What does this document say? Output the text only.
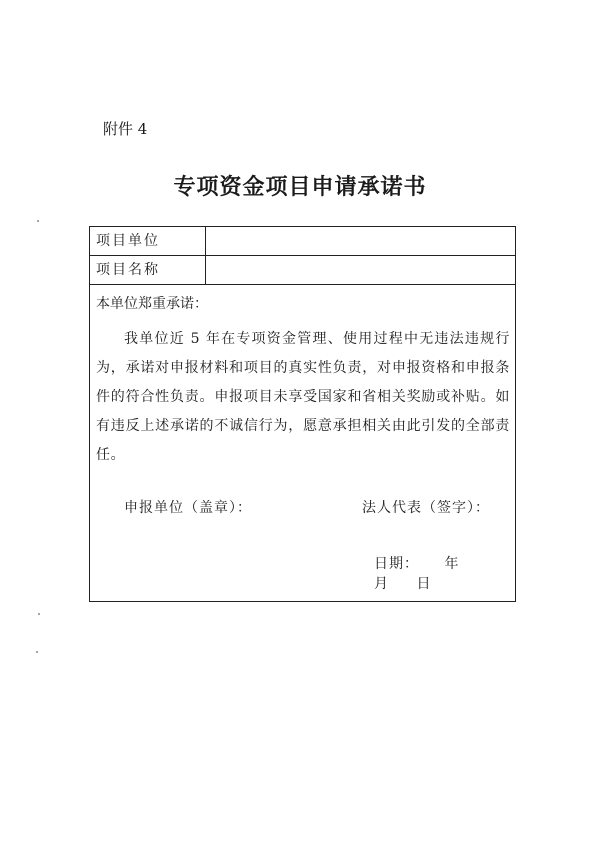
附件 4
专项资金项目申请承诺书
项目单位
项目名称
本单位郑重承诺：
我单位近 5 年在专项资金管理、使用过程中无违法违规行为，承诺对申报材料和项目的真实性负责，对申报资格和申报条件的符合性负责。申报项目未享受国家和省相关奖励或补贴。如有违反上述承诺的不诚信行为，愿意承担相关由此引发的全部责任。
申报单位（盖章）：	法人代表（签字）：
日期： 年 月 日
